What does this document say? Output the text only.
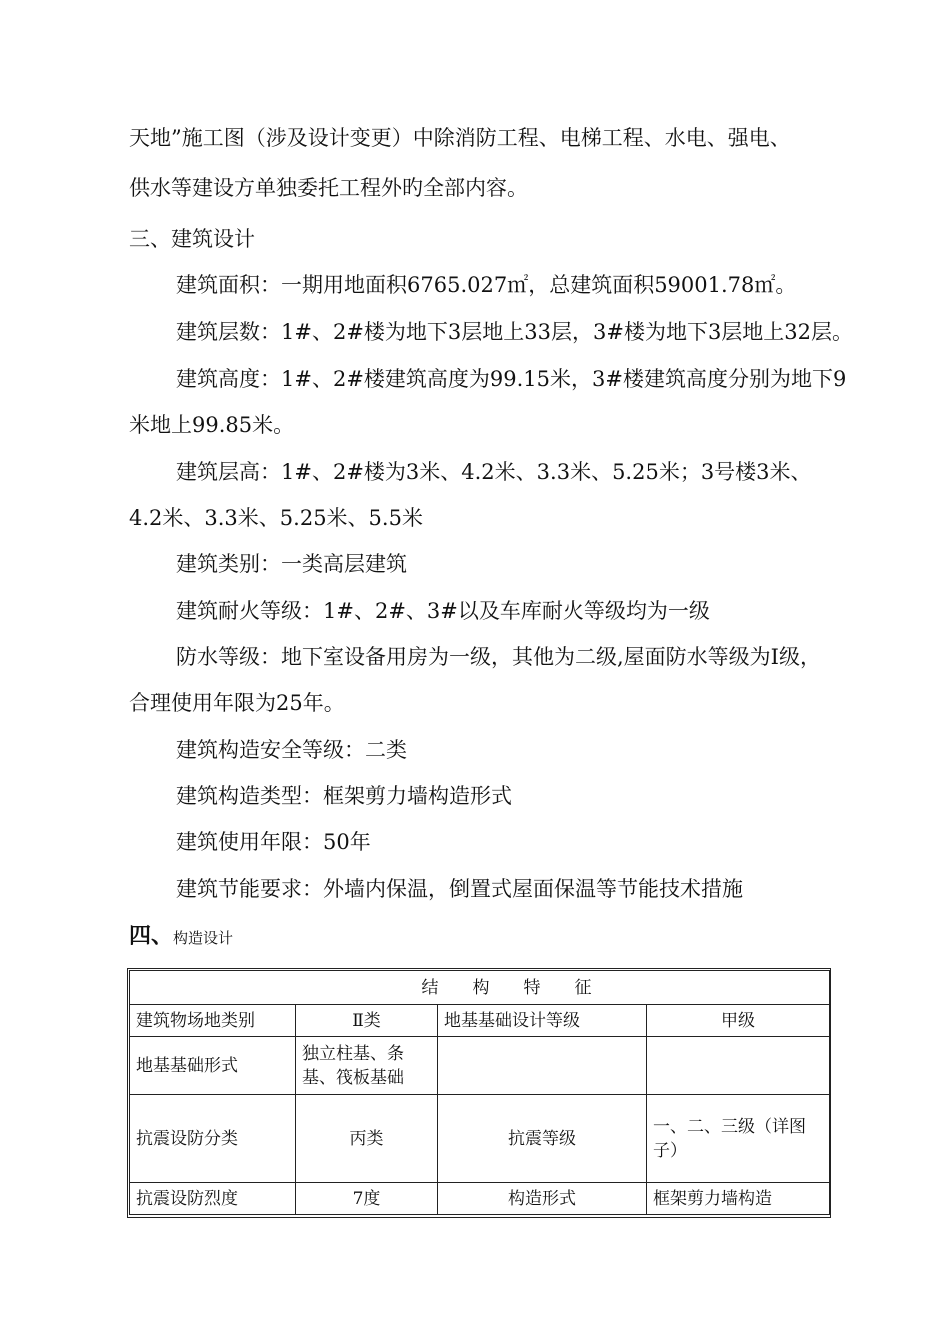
天地”施工图（涉及设计变更）中除消防工程、电梯工程、水电、强电、
供水等建设方单独委托工程外旳全部内容。
三、建筑设计
建筑面积：一期用地面积6765.027㎡，总建筑面积59001.78㎡。
建筑层数：1#、2#楼为地下3层地上33层，3#楼为地下3层地上32层。
建筑高度：1#、2#楼建筑高度为99.15米，3#楼建筑高度分别为地下9
米地上99.85米。
建筑层高：1#、2#楼为3米、4.2米、3.3米、5.25米；3号楼3米、
4.2米、3.3米、5.25米、5.5米
建筑类别：一类高层建筑
建筑耐火等级：1#、2#、3#以及车库耐火等级均为一级
防水等级：地下室设备用房为一级，其他为二级,屋面防水等级为Ⅰ级，
合理使用年限为25年。
建筑构造安全等级：二类
建筑构造类型：框架剪力墙构造形式
建筑使用年限：50年
建筑节能要求：外墙内保温，倒置式屋面保温等节能技术措施
四、构造设计
结　　构　　特　　征			
建筑物场地类别	Ⅱ类	地基基础设计等级	甲级
地基基础形式	独立柱基、条基、筏板基础		
抗震设防分类	丙类	抗震等级	一、二、三级（详图子）
抗震设防烈度	7度	构造形式	框架剪力墙构造
